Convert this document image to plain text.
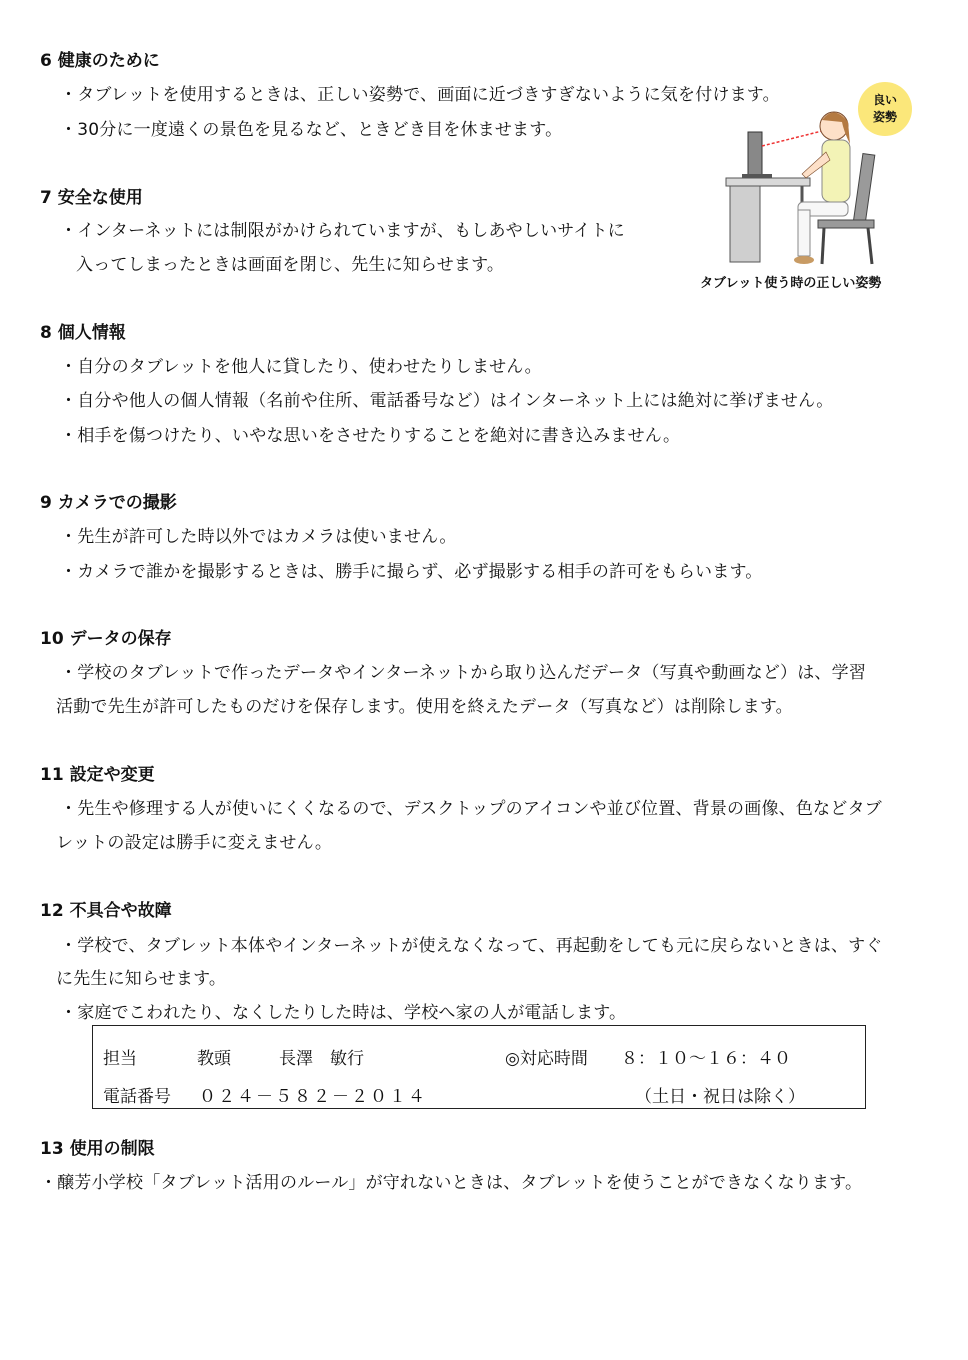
6 健康のために
・タブレットを使用するときは、正しい姿勢で、画面に近づきすぎないように気を付けます。
・30分に一度遠くの景色を見るなど、ときどき目を休ませます。
良い
姿勢
タブレット使う時の正しい姿勢
7 安全な使用
・インターネットには制限がかけられていますが、もしあやしいサイトに
入ってしまったときは画面を閉じ、先生に知らせます。
8 個人情報
・自分のタブレットを他人に貸したり、使わせたりしません。
・自分や他人の個人情報（名前や住所、電話番号など）はインターネット上には絶対に挙げません。
・相手を傷つけたり、いやな思いをさせたりすることを絶対に書き込みません。
9 カメラでの撮影
・先生が許可した時以外ではカメラは使いません。
・カメラで誰かを撮影するときは、勝手に撮らず、必ず撮影する相手の許可をもらいます。
10 データの保存
・学校のタブレットで作ったデータやインターネットから取り込んだデータ（写真や動画など）は、学習
活動で先生が許可したものだけを保存します。使用を終えたデータ（写真など）は削除します。
11 設定や変更
・先生や修理する人が使いにくくなるので、デスクトップのアイコンや並び位置、背景の画像、色などタブ
レットの設定は勝手に変えません。
12 不具合や故障
・学校で、タブレット本体やインターネットが使えなくなって、再起動をしても元に戻らないときは、すぐ
に先生に知らせます。
・家庭でこわれたり、なくしたりした時は、学校へ家の人が電話します。
担当	教頭	長澤　敏行	◎対応時間 ８：１０～１６：４０
電話番号 ０２４－５８２－２０１４	（土日・祝日は除く）
13 使用の制限
・醸芳小学校「タブレット活用のルール」が守れないときは、タブレットを使うことができなくなります。
